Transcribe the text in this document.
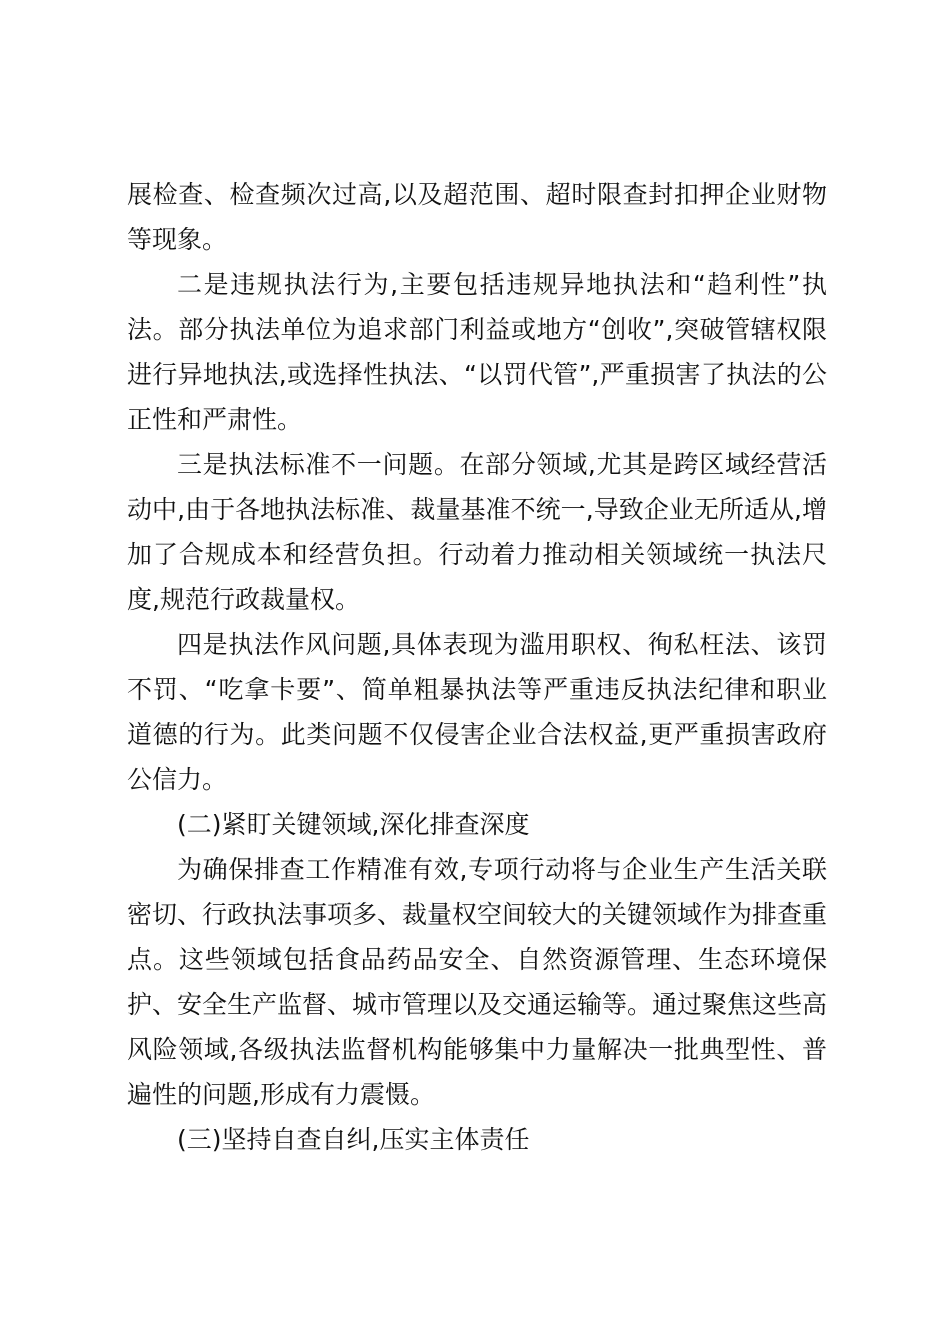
展检查、检查频次过高,以及超范围、超时限查封扣押企业财物等现象。

二是违规执法行为,主要包括违规异地执法和“趋利性”执法。部分执法单位为追求部门利益或地方“创收”,突破管辖权限进行异地执法,或选择性执法、“以罚代管”,严重损害了执法的公正性和严肃性。

三是执法标准不一问题。在部分领域,尤其是跨区域经营活动中,由于各地执法标准、裁量基准不统一,导致企业无所适从,增加了合规成本和经营负担。行动着力推动相关领域统一执法尺度,规范行政裁量权。

四是执法作风问题,具体表现为滥用职权、徇私枉法、该罚不罚、“吃拿卡要”、简单粗暴执法等严重违反执法纪律和职业道德的行为。此类问题不仅侵害企业合法权益,更严重损害政府公信力。

(二)紧盯关键领域,深化排查深度

为确保排查工作精准有效,专项行动将与企业生产生活关联密切、行政执法事项多、裁量权空间较大的关键领域作为排查重点。这些领域包括食品药品安全、自然资源管理、生态环境保护、安全生产监督、城市管理以及交通运输等。通过聚焦这些高风险领域,各级执法监督机构能够集中力量解决一批典型性、普遍性的问题,形成有力震慑。

(三)坚持自查自纠,压实主体责任
